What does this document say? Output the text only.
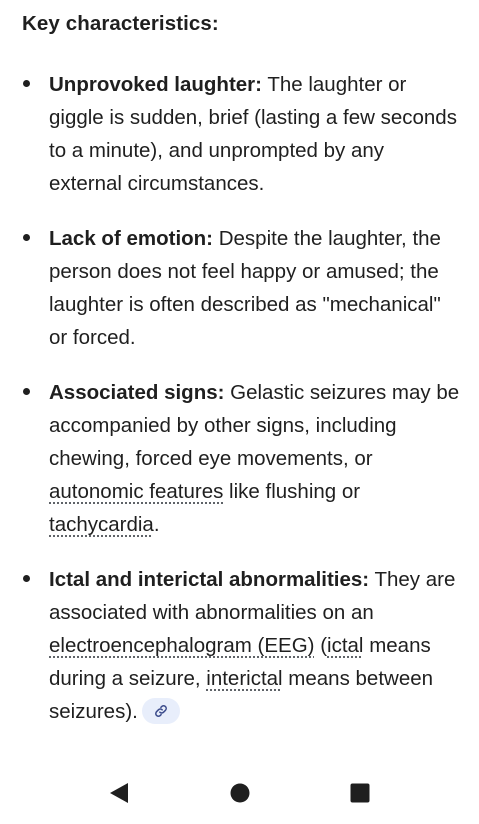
Key characteristics:
Unprovoked laughter: The laughter or giggle is sudden, brief (lasting a few seconds to a minute), and unprompted by any external circumstances.
Lack of emotion: Despite the laughter, the person does not feel happy or amused; the laughter is often described as "mechanical" or forced.
Associated signs: Gelastic seizures may be accompanied by other signs, including chewing, forced eye movements, or autonomic features like flushing or tachycardia.
Ictal and interictal abnormalities: They are associated with abnormalities on an electroencephalogram (EEG) (ictal means during a seizure, interictal means between seizures).
